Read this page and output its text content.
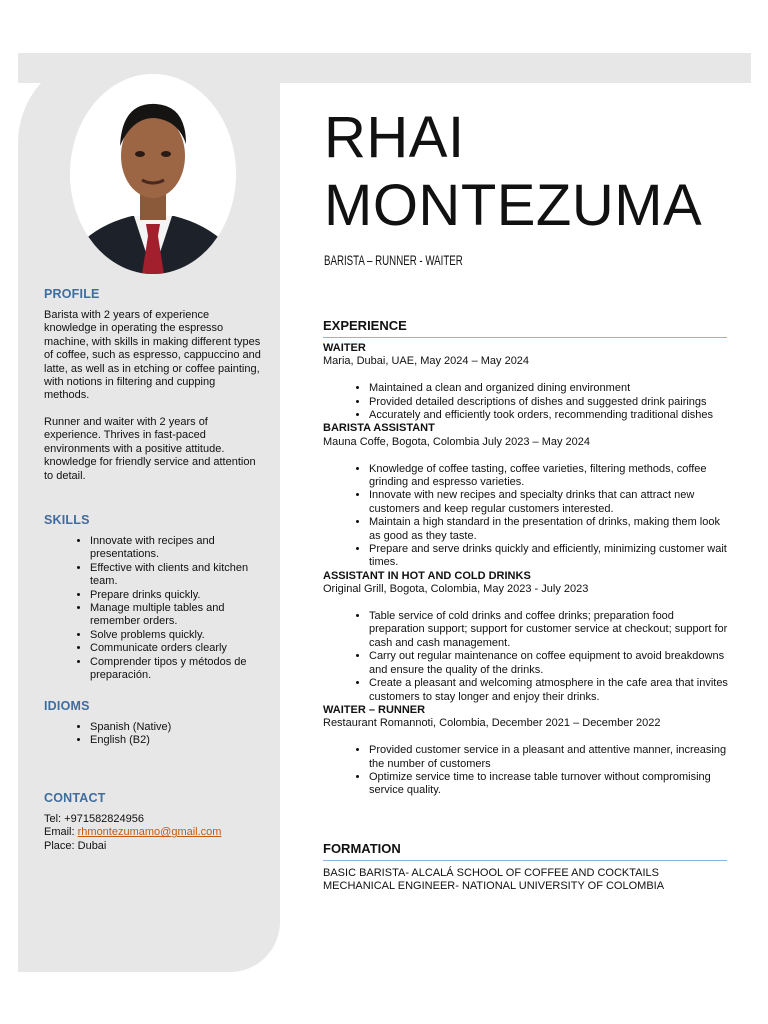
PROFILE

Barista with 2 years of experience knowledge in operating the espresso machine, with skills in making different types of coffee, such as espresso, cappuccino and latte, as well as in etching or coffee painting, with notions in filtering and cupping methods.

Runner and waiter with 2 years of experience. Thrives in fast-paced environments with a positive attitude. knowledge for friendly service and attention to detail.

SKILLS
• Innovate with recipes and presentations.
• Effective with clients and kitchen team.
• Prepare drinks quickly.
• Manage multiple tables and remember orders.
• Solve problems quickly.
• Communicate orders clearly
• Comprender tipos y métodos de preparación.
IDIOMS
• Spanish (Native)
• English (B2)
CONTACT
Tel: +971582824956
Email: rhmontezumamo@gmail.com
Place: Dubai
RHAI
MONTEZUMA

BARISTA – RUNNER - WAITER

EXPERIENCE

WAITER

Maria, Dubai, UAE, May 2024 – May 2024

• Maintained a clean and organized dining environment
• Provided detailed descriptions of dishes and suggested drink pairings
• Accurately and efficiently took orders, recommending traditional dishes

BARISTA ASSISTANT

Mauna Coffe, Bogota, Colombia July 2023 – May 2024

• Knowledge of coffee tasting, coffee varieties, filtering methods, coffee grinding and espresso varieties.
• Innovate with new recipes and specialty drinks that can attract new customers and keep regular customers interested.
• Maintain a high standard in the presentation of drinks, making them look as good as they taste.
• Prepare and serve drinks quickly and efficiently, minimizing customer wait times.

ASSISTANT IN HOT AND COLD DRINKS

Original Grill, Bogota, Colombia, May 2023 - July 2023

• Table service of cold drinks and coffee drinks; preparation food preparation support; support for customer service at checkout; support for cash and cash management.
• Carry out regular maintenance on coffee equipment to avoid breakdowns and ensure the quality of the drinks.
• Create a pleasant and welcoming atmosphere in the cafe area that invites customers to stay longer and enjoy their drinks.

WAITER – RUNNER

Restaurant Romannoti, Colombia, December 2021 – December 2022

• Provided customer service in a pleasant and attentive manner, increasing the number of customers
• Optimize service time to increase table turnover without compromising service quality.
FORMATION

BASIC BARISTA- ALCALÁ SCHOOL OF COFFEE AND COCKTAILS

MECHANICAL ENGINEER- NATIONAL UNIVERSITY OF COLOMBIA
